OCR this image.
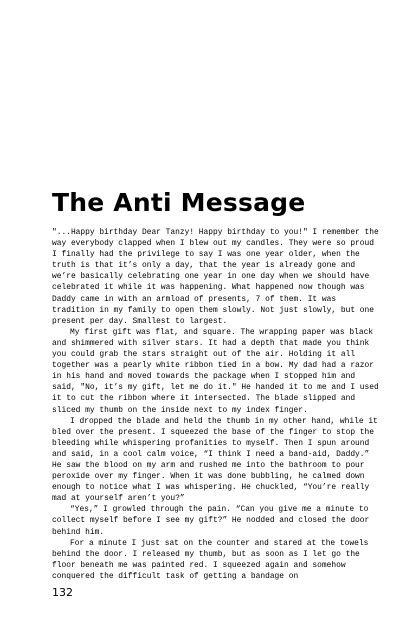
The Anti Message

"...Happy birthday Dear Tanzy! Happy birthday to you!" I remember the way everybody clapped when I blew out my candles. They were so proud I finally had the privilege to say I was one year older, when the truth is that it’s only a day, that the year is already gone and we’re basically celebrating one year in one day when we should have celebrated it while it was happening. What happened now though was Daddy came in with an armload of presents, 7 of them. It was tradition in my family to open them slowly. Not just slowly, but one present per day. Smallest to largest.

My first gift was flat, and square. The wrapping paper was black and shimmered with silver stars. It had a depth that made you think you could grab the stars straight out of the air. Holding it all together was a pearly white ribbon tied in a bow. My dad had a razor in his hand and moved towards the package when I stopped him and said, "No, it’s my gift, let me do it." He handed it to me and I used it to cut the ribbon where it intersected. The blade slipped and sliced my thumb on the inside next to my index finger.

I dropped the blade and held the thumb in my other hand, while it bled over the present. I squeezed the base of the finger to stop the bleeding while whispering profanities to myself. Then I spun around and said, in a cool calm voice, “I think I need a band-aid, Daddy.” He saw the blood on my arm and rushed me into the bathroom to pour peroxide over my finger. When it was done bubbling, he calmed down enough to notice what I was whispering. He chuckled, “You’re really mad at yourself aren’t you?”

“Yes,” I growled through the pain. “Can you give me a minute to collect myself before I see my gift?” He nodded and closed the door behind him.

For a minute I just sat on the counter and stared at the towels behind the door. I released my thumb, but as soon as I let go the floor beneath me was painted red. I squeezed again and somehow conquered the difficult task of getting a bandage on

132
